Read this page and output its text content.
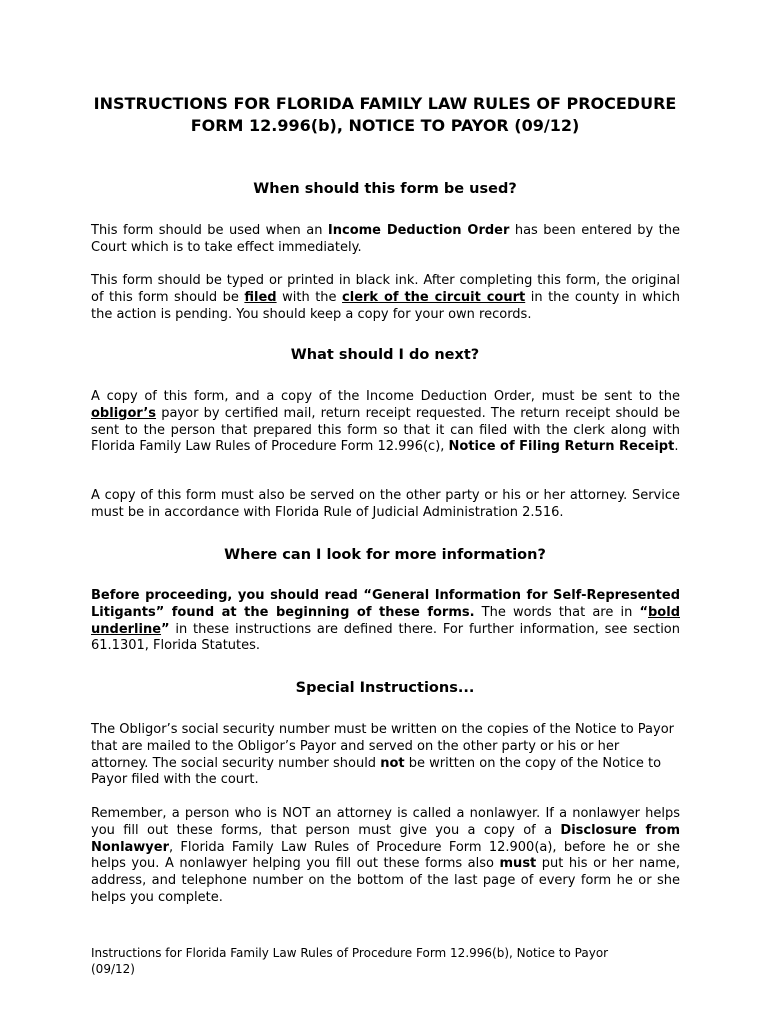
INSTRUCTIONS FOR FLORIDA FAMILY LAW RULES OF PROCEDURE
FORM 12.996(b), NOTICE TO PAYOR (09/12)
When should this form be used?
This form should be used when an Income Deduction Order has been entered by the Court which is to take effect immediately.
This form should be typed or printed in black ink. After completing this form, the original of this form should be filed with the clerk of the circuit court in the county in which the action is pending. You should keep a copy for your own records.
What should I do next?
A copy of this form, and a copy of the Income Deduction Order, must be sent to the obligor’s payor by certified mail, return receipt requested. The return receipt should be sent to the person that prepared this form so that it can filed with the clerk along with Florida Family Law Rules of Procedure Form 12.996(c), Notice of Filing Return Receipt.
A copy of this form must also be served on the other party or his or her attorney. Service must be in accordance with Florida Rule of Judicial Administration 2.516.
Where can I look for more information?
Before proceeding, you should read “General Information for Self-Represented Litigants” found at the beginning of these forms. The words that are in “bold underline” in these instructions are defined there. For further information, see section 61.1301, Florida Statutes.
Special Instructions...
The Obligor’s social security number must be written on the copies of the Notice to Payor that are mailed to the Obligor’s Payor and served on the other party or his or her attorney. The social security number should not be written on the copy of the Notice to Payor filed with the court.
Remember, a person who is NOT an attorney is called a nonlawyer. If a nonlawyer helps you fill out these forms, that person must give you a copy of a Disclosure from Nonlawyer, Florida Family Law Rules of Procedure Form 12.900(a), before he or she helps you. A nonlawyer helping you fill out these forms also must put his or her name, address, and telephone number on the bottom of the last page of every form he or she helps you complete.
Instructions for Florida Family Law Rules of Procedure Form 12.996(b), Notice to Payor (09/12)
